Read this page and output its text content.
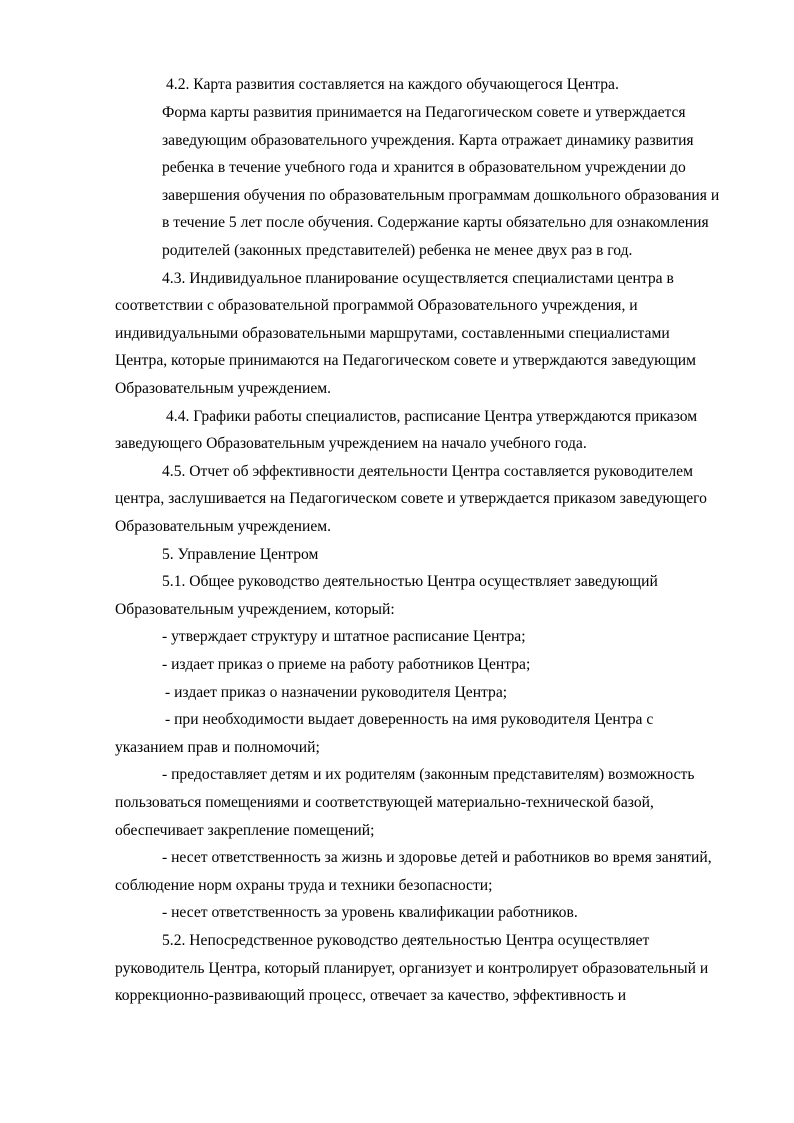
4.2. Карта развития составляется на каждого обучающегося Центра.

Форма карты развития принимается на Педагогическом совете и утверждается

заведующим образовательного учреждения. Карта отражает динамику развития

ребенка в течение учебного года и хранится в образовательном учреждении до

завершения обучения по образовательным программам дошкольного образования и

в течение 5 лет после обучения. Содержание карты обязательно для ознакомления

родителей (законных представителей) ребенка не менее двух раз в год.

4.3. Индивидуальное планирование осуществляется специалистами центра в

соответствии с образовательной программой Образовательного учреждения, и

индивидуальными образовательными маршрутами, составленными специалистами

Центра, которые принимаются на Педагогическом совете и утверждаются заведующим

Образовательным учреждением.

4.4. Графики работы специалистов, расписание Центра утверждаются приказом

заведующего Образовательным учреждением на начало учебного года.

4.5. Отчет об эффективности деятельности Центра составляется руководителем

центра, заслушивается на Педагогическом совете и утверждается приказом заведующего

Образовательным учреждением.

5. Управление Центром

5.1. Общее руководство деятельностью Центра осуществляет заведующий

Образовательным учреждением, который:

- утверждает структуру и штатное расписание Центра;

- издает приказ о приеме на работу работников Центра;

- издает приказ о назначении руководителя Центра;

- при необходимости выдает доверенность на имя руководителя Центра с

указанием прав и полномочий;

- предоставляет детям и их родителям (законным представителям) возможность

пользоваться помещениями и соответствующей материально-технической базой,

обеспечивает закрепление помещений;

- несет ответственность за жизнь и здоровье детей и работников во время занятий,

соблюдение норм охраны труда и техники безопасности;

- несет ответственность за уровень квалификации работников.

5.2. Непосредственное руководство деятельностью Центра осуществляет

руководитель Центра, который планирует, организует и контролирует образовательный и

коррекционно-развивающий процесс, отвечает за качество, эффективность и
